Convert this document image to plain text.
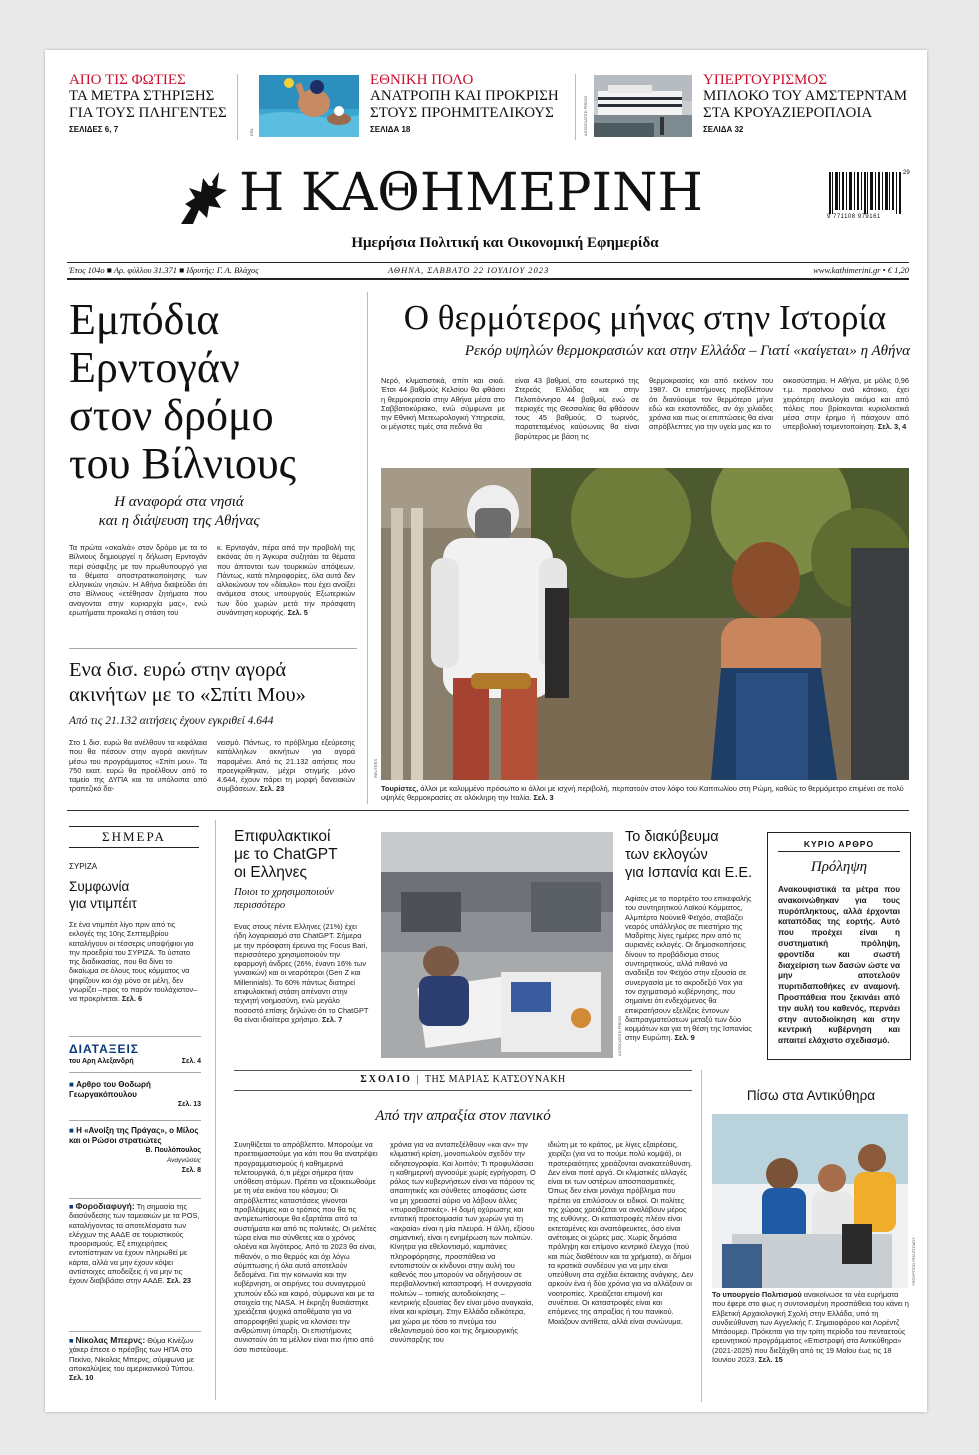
ΑΠΟ ΤΙΣ ΦΩΤΙΕΣ
ΤΑ ΜΕΤΡΑ ΣΤΗΡΙΞΗΣ
ΓΙΑ ΤΟΥΣ ΠΛΗΓΕΝΤΕΣ
ΣΕΛΙΔΕΣ 6, 7	EPA
ΕΘΝΙΚΗ ΠΟΛΟ
ΑΝΑΤΡΟΠΗ ΚΑΙ ΠΡΟΚΡΙΣΗ
ΣΤΟΥΣ ΠΡΟΗΜΙΤΕΛΙΚΟΥΣ
ΣΕΛΙΔΑ 18	ASSOCIATED PRESS
ΥΠΕΡΤΟΥΡΙΣΜΟΣ
ΜΠΛΟΚΟ ΤΟΥ ΑΜΣΤΕΡΝΤΑΜ
ΣΤΑ ΚΡΟΥΑΖΙΕΡΟΠΛΟΙΑ
ΣΕΛΙΔΑ 32
Η ΚΑΘΗΜΕΡΙΝΗ
Ημερήσια Πολιτική και Οικονομική Εφημερίδα
9 771108 979161
29
Έτος 104ο ■ Αρ. φύλλου 31.371 ■ Ιδρυτής: Γ. Α. Βλάχος	ΑΘΗΝΑ, ΣΑΒΒΑΤΟ 22 ΙΟΥΛΙΟΥ 2023	www.kathimerini.gr • € 1,20
Εμπόδια
Ερντογάν
στον δρόμο
του Βίλνιους
Η αναφορά στα νησιά
και η διάψευση της Αθήνας
Τα πρώτα «σκαλιά» στον δρόμο με τα το Βίλνιους δημιουργεί η δήλωση Ερντογάν περί σύσφιξης με τον πρωθυπουργό για τα θέματα αποστρατικοποίησης των ελληνικών νησιών. Η Αθήνα διαψεύδει ότι στο Βίλνιους «ετέθησαν ζητήματα που αναγονται στην κυριαρχία μας», ενώ ερωτήματα προκαλεί η στάση του
κ. Ερντογάν, πέρα από την προβολή της εικόνας ότι η Άγκυρα συζητάει τα θέματα που άπτονται των τουρκικών απόψεων. Πάντως, κατά πληροφορίες, όλα αυτά δεν αλλοιώνουν τον «δίαυλο» που έχει ανοίξει ανάμεσα στους υπουργούς Εξωτερικών των δύο χωρών μετά την πρόσφατη συνάντηση κορυφής. Σελ. 5
Ενα δισ. ευρώ στην αγορά
ακινήτων με το «Σπίτι Μου»
Από τις 21.132 αιτήσεις έχουν εγκριθεί 4.644
Στο 1 δισ. ευρώ θα ανέλθουν τα κεφάλαια που θα πέσουν στην αγορά ακινήτων μέσω του προγράμματος «Σπίτι μου». Τα 750 εκατ. ευρώ θα προέλθουν από το ταμείο της ΔΥΠΑ και τα υπόλοιπα από τραπεζικό δα-
νεισμό. Πάντως, το πρόβλημα εξεύρεσης κατάλληλων ακινήτων για αγορά παραμένει. Από τις 21.132 αιτήσεις που προεγκρίθηκαν, μέχρι στιγμής μόνο 4.644, έχουν πάρει τη μορφή δανειακών συμβάσεων. Σελ. 23
Ο θερμότερος μήνας στην Ιστορία
Ρεκόρ υψηλών θερμοκρασιών και στην Ελλάδα – Γιατί «καίγεται» η Αθήνα
Νερό, κλιματιστικά, σπίτι και σκιά. Έτσι 44 βαθμούς Κελσίου θα φθάσει η θερμοκρασία στην Αθήνα μέσα στο Σαββατοκύριακο, ενώ σύμφωνα με την Εθνική Μετεωρολογική Υπηρεσία, οι μέγιστες τιμές στα πεδινά θα
είναι 43 βαθμοί, στο εσωτερικό της Στερεάς Ελλάδας και στην Πελοπόννησο 44 βαθμοί, ενώ σε περιοχές της Θεσσαλίας θα φθάσουν τους 45 βαθμούς. Ο τωρινός, παρατεταμένος καύσωνας θα είναι βαρύτερος με βάση τις
θερμοκρασίες και από εκείνον του 1987. Οι επιστήμονες προβλέπουν ότι διανύουμε τον θερμότερο μήνα εδώ και εκατοντάδες, αν όχι χιλιάδες χρόνια και πως οι επιπτώσεις θα είναι απρόβλεπτες για την υγεία μας και το
οικοσύστημα. Η Αθήνα, με μόλις 0,96 τ.μ. πρασίνου ανά κάτοικο, έχει χειρότερη αναλογία ακόμα και από πόλεις που βρίσκονται κυριολεκτικά μέσα στην έρημο ή πάσχουν από υπερβολική τσιμεντοποίηση. Σελ. 3, 4
REUTERS
Τουρίστες, άλλοι με καλυμμένο πρόσωπο κι άλλοι με ισχνή περιβολή, περπατούν στον λόφο του Καπιτωλίου στη Ρώμη, καθώς το θερμόμετρο επιμένει σε πολύ υψηλές θερμοκρασίες σε ολόκληρη την Ιταλία. Σελ. 3
ΣΗΜΕΡΑ
ΣΥΡΙΖΑ
Συμφωνία
για ντιμπέιτ
Σε ένα ντιμπέιτ λίγο πριν από τις εκλογές της 10ης Σεπτεμβρίου καταλήγουν οι τέσσερις υποψήφιοι για την προεδρία του ΣΥΡΙΖΑ. Το ύστατο της διαδικασίας, που θα δίνει το δικαίωμα σε όλους τους κόμματος να ψηφίζουν και όχι μόνο σε μέλη, δεν γνωρίζει –προς το παρόν τουλάχιστον– να προκρίνεται. Σελ. 6
ΔΙΑΤΑΞΕΙΣ
του Αρη Αλεξανδρή	Σελ. 4
■ Αρθρο του Θοδωρή Γεωργακόπουλου
Σελ. 13
■ Η «Ανοίξη της Πράγας», ο Μίλος και οι Ρώσοι στρατιώτες
Β. Πουλόπουλος
Αναγνώσεις
Σελ. 8
■ Φοροδιαφυγή: Τη σημασία της διασύνδεσης των ταμειακών με τα POS, καταλήγοντας τα αποτελέσματα των ελέγχων της ΑΑΔΕ σε τουριστικούς προορισμούς. Εξ επιχειρήσεις εντοπίστηκαν να έχουν πληρωθεί με κάρτα, αλλά να μην έχουν κόψει αντίστοιχες αποδείξεις ή να μην τις έχουν διαβιβάσει στην ΑΑΔΕ. Σελ. 23
■ Νίκολας Μπερνς: Θύμα Κινέζων χάκερ έπεσε ο πρέσβης των ΗΠΑ στο Πεκίνο, Νίκολας Μπερνς, σύμφωνα με αποκαλύψεις του αμερικανικού Τύπου. Σελ. 10
Επιφυλακτικοί
με το ChatGPT
οι Ελληνες
Ποιοι το χρησιμοποιούν
περισσότερο
Ενας στους πέντε Ελληνες (21%) έχει ήδη λογαριασμό στο ChatGPT. Σήμερα με την πρόσφατη έρευνα της Focus Bari, περισσότερο χρησιμοποιούν την εφαρμογή άνδρες (26%, έναντι 16% των γυναικών) και οι νεαρότεροι (Gen Z και Millennials). Το 60% πάντως διατηρεί επιφυλακτική στάση απέναντι στην τεχνητή νοημοσύνη, ενώ μεγάλο ποσοστό επίσης δηλώνει ότι το ChatGPT θα είναι ιδιαίτερα χρήσιμο. Σελ. 7	ASSOCIATED PRESS
Το διακύβευμα
των εκλογών
για Ισπανία και Ε.Ε.
Αφίσες με το πορτρέτο του επικεφαλής του συντηρητικού Λαϊκού Κόμματος, Αλμπέρτο Νούνιεθ Φεϊχόο, σταβάζει νεαρός υπάλληλος σε πιεστήριο της Μαδρίτης λίγες ημέρες πριν από τις αυριανές εκλογές. Οι δημοσκοπήσεις δίνουν το προβάδισμα στους συντηρητικούς, αλλά πιθανό να αναδείξει τον Φεϊχόο στην εξουσία σε συνεργασία με το ακροδεξιό Vox για τον σχηματισμό κυβέρνησης, που σημαίνει ότι ενδεχόμενος θα επικρατήσουν εξελίξεις έντονων διαπραγματεύσεων μεταξύ των δύο κομμάτων και για τη θέση της Ισπανίας στην Ευρώπη. Σελ. 9
ΚΥΡΙΟ ΑΡΘΡΟ
Πρόληψη
Ανακουφιστικά τα μέτρα που ανακοινώθηκαν για τους πυρόπληκτους, αλλά έρχονται καταπόδας της εορτής. Αυτό που προέχει είναι η συστηματική πρόληψη, φροντίδα και σωστή διαχείριση των δασών ώστε να μην αποτελούν πυριτιδαποθήκες εν αναμονή. Προσπάθεια που ξεκινάει από την αυλή του καθενός, περνάει στην αυτοδιοίκηση και στην κεντρική κυβέρνηση και απαιτεί ελάχιστο σχεδιασμό.
ΣΧΟΛΙΟ | ΤΗΣ ΜΑΡΙΑΣ ΚΑΤΣΟΥΝΑΚΗ
Από την απραξία στον πανικό
Συνηθίζεται το απρόβλεπτο. Μπορούμε να προετοιμαστούμε για κάτι που θα ανατρέψει προγραμματισμούς ή καθημερινά τελετουργικά, ό,τι μέχρι σήμερα ήταν υπόθεση ατόμων. Πρέπει να εξοικειωθούμε με τη νέα εικόνα του κόσμου; Οι απρόβλεπτες καταστάσεις γίνονται προβλέψιμες και ο τρόπος που θα τις αντιμετωπίσουμε θα εξαρτάται από τα συστήματα και από τις πολιτικές. Οι μελέτες τώρα είναι πιο σύνθετες και ο χρόνος ολοένα και λιγότερος. Από το 2023 θα είναι, πιθανόν, ο πιο θερμός και όχι λόγω σύμπτωσης ή όλα αυτά αποτελούν δεδομένα. Για την κοινωνία και την κυβέρνηση, οι σειρήνες του συναγερμού χτυπούν εδώ και καιρό, σύμφωνα και με τα στοιχεία της NASA. Η έκρηξη θυσιάστηκε χρειάζεται ψυχικά αποθέματα για να απορροφηθεί χωρίς να κλονίσει την ανθρώπινη ύπαρξη. Οι επιστήμονες συνιστούν ότι τα μέλλον είναι πιο ήπιο από όσο πιστεύουμε.
χρόνια για να ανταπεξέλθουν «και αν» την κλιματική κρίση, μονοπωλούν σχεδόν την ειδησεογραφία. Και λοιπόν; Τι προφυλάσσει η καθημερινή αγνοούμε χωρίς εγρήγορση. Ο ρόλος των κυβερνήσεων είναι να πάρουν τις απαιτητικές και σύνθετες αποφάσεις ώστε να μη χρειαστεί αύριο να λάβουν άλλες «πυροσβεστικές». Η δομή οχύρωσης και εντατική προετοιμασία των χωρών για τη «ακραία» είναι η μία πλευρά. Η άλλη, εξίσου σημαντική, είναι η ενημέρωση των πολιτών. Κίνητρα για εθελοντισμό, καμπάνιες πληροφόρησης, προσπάθεια να εντοπιστούν οι κίνδυνοι στην αυλή του καθενός που μπορούν να οδηγήσουν σε περιβαλλοντική καταστροφή. Η συνεργασία πολιτών – τοπικής αυτοδιοίκησης – κεντρικής εξουσίας δεν είναι μόνο αναγκαία, είναι και κρίσιμη. Στην Ελλάδα ειδικότερα, μια χώρα με τόσο το πνεύμα του εθελοντισμού όσο και της δημιουργικής συνύπαρξης του
ιδιώτη με το κράτος, με λίγες εξαιρέσεις, χειρίζει (για να το πούμε πολύ κομψά), οι προτεραιότητες χρειάζονται ανακατεύθυνση. Δεν είναι ποτέ αργά. Οι κλιματικές αλλαγές είναι εκ των υστέρων αποσπασματικές. Όπως δεν είναι μονάχα πρόβλημα που πρέπει να επιλύσουν οι ειδικοί. Οι πολίτες της χώρας χρειάζεται να αναλάβουν μέρος της ευθύνης. Οι καταστροφές πλέον είναι εκτεταμένες και αναπόφευκτες, όσο είναι ανέτοιμες οι χώρες μας. Χωρίς δημόσια πρόληψη και επίμονο κεντρικό έλεγχο (πού και πώς διαθέτουν και τα χρήματα), οι δήμοι τα κρατικά συνδέουν για να μην είναι υπεύθυνη στα σχέδια έκτακτης ανάγκης. Δεν αρκούν ένα ή δύο χρόνια για να αλλάξουν οι νοοτροπίες. Χρειάζεται επιμονή και συνέπεια. Οι καταστροφές είναι και επόμενες της απραξίας ή του πανικού. Μοιάζουν αντίθετα, αλλά είναι συνώνυμα.
Πίσω στα Αντικύθηρα
ΥΠΟΥΡΓΕΙΟ ΠΟΛΙΤΙΣΜΟΥ
Το υπουργείο Πολιτισμού ανακοίνωσε τα νέα ευρήματα που έφερε στο φως η συντονισμένη προσπάθεια του κάνει η Ελβετική Αρχαιολογική Σχολή στην Ελλάδα, υπό τη συνδιεύθυνση των Αγγελικής Γ. Σημαιοφόρου και Λορέντζ Μπάουμερ. Πρόκειται για την τρίτη περίοδο του πενταετούς ερευνητικού προγράμματος «Επιστροφή στα Αντικύθηρα» (2021-2025) που διεξάχθη από τις 19 Μαΐου έως τις 18 Ιουνίου 2023. Σελ. 15
